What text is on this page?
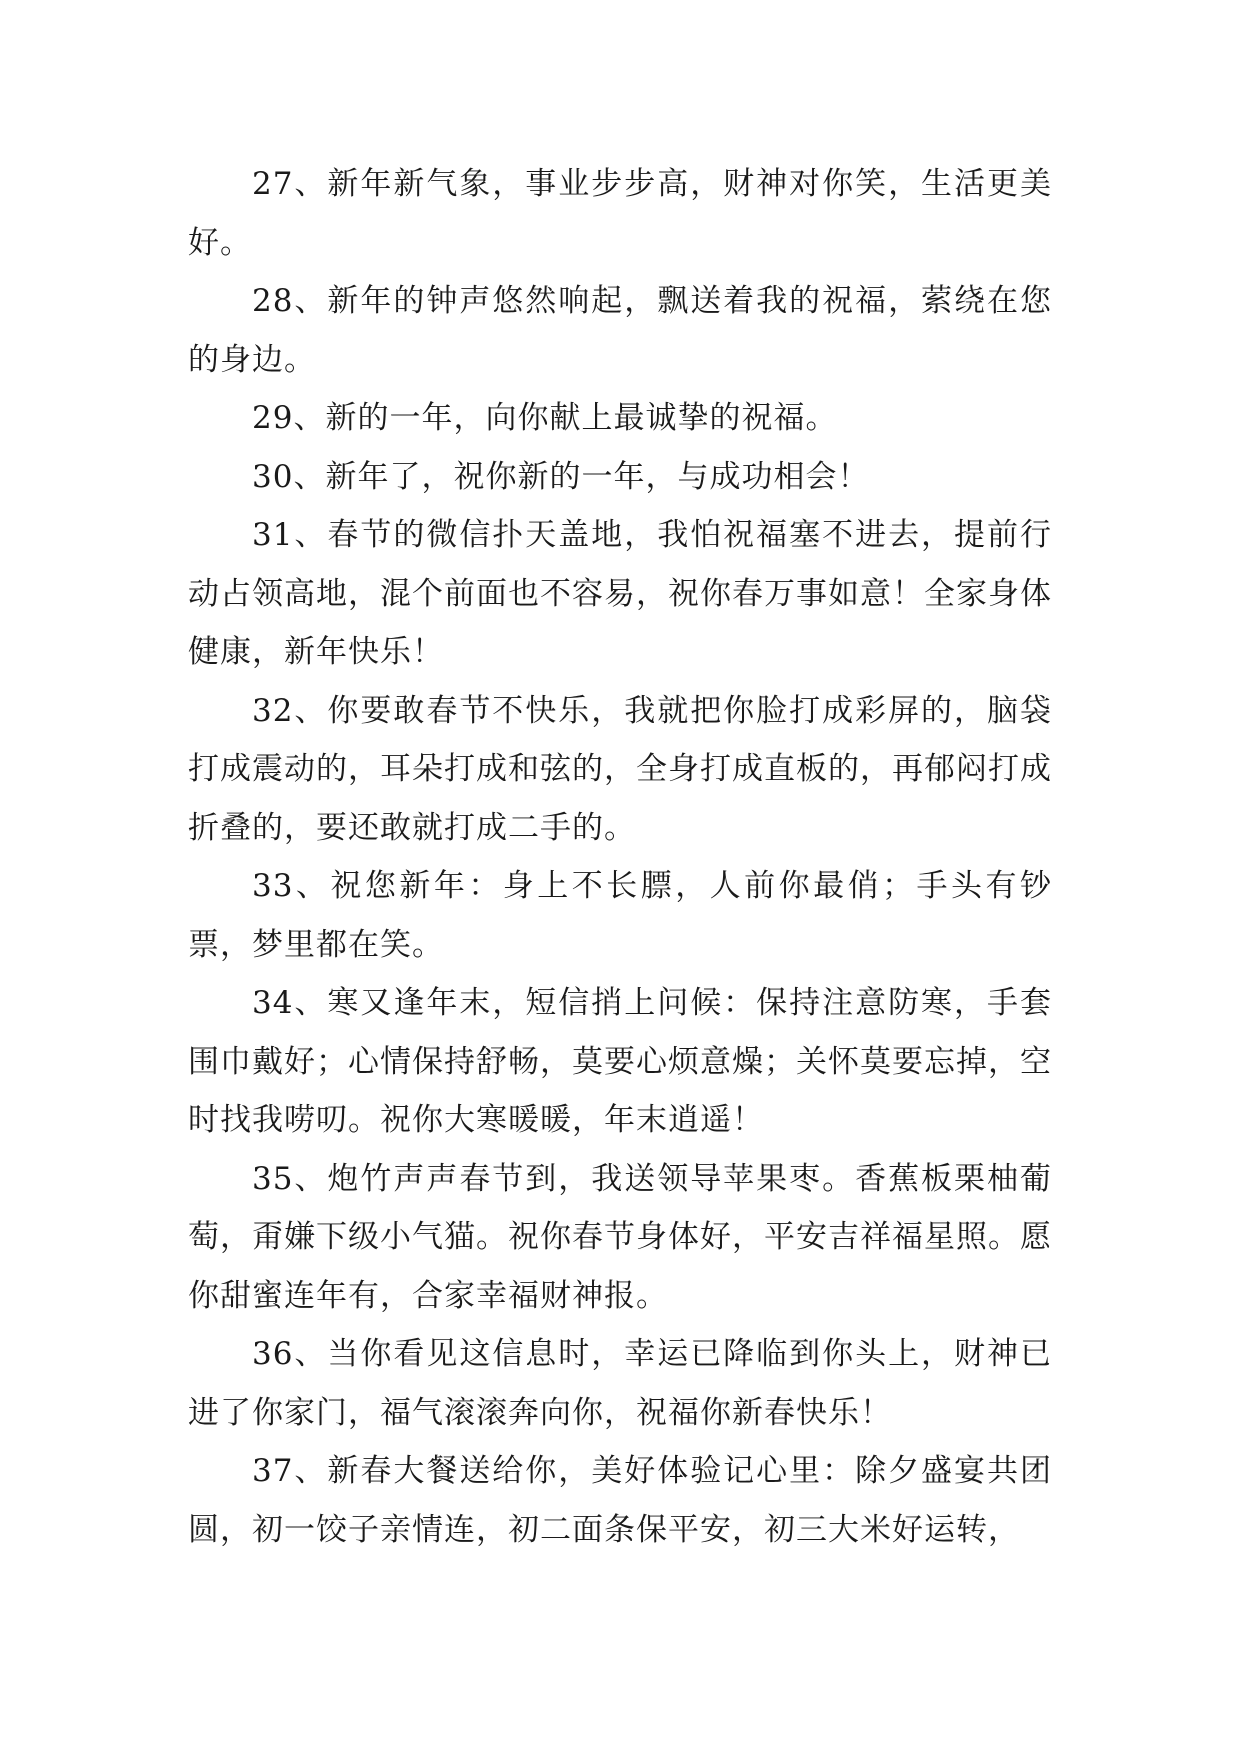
27、新年新气象，事业步步高，财神对你笑，生活更美好。

28、新年的钟声悠然响起，飘送着我的祝福，萦绕在您的身边。

29、新的一年，向你献上最诚挚的祝福。

30、新年了，祝你新的一年，与成功相会！

31、春节的微信扑天盖地，我怕祝福塞不进去，提前行动占领高地，混个前面也不容易，祝你春万事如意！全家身体健康，新年快乐！

32、你要敢春节不快乐，我就把你脸打成彩屏的，脑袋打成震动的，耳朵打成和弦的，全身打成直板的，再郁闷打成折叠的，要还敢就打成二手的。

33、祝您新年：身上不长膘，人前你最俏；手头有钞票，梦里都在笑。

34、寒又逢年末，短信捎上问候：保持注意防寒，手套围巾戴好；心情保持舒畅，莫要心烦意燥；关怀莫要忘掉，空时找我唠叨。祝你大寒暖暖，年末逍遥！

35、炮竹声声春节到，我送领导苹果枣。香蕉板栗柚葡萄，甭嫌下级小气猫。祝你春节身体好，平安吉祥福星照。愿你甜蜜连年有，合家幸福财神报。

36、当你看见这信息时，幸运已降临到你头上，财神已进了你家门，福气滚滚奔向你，祝福你新春快乐！

37、新春大餐送给你，美好体验记心里：除夕盛宴共团圆，初一饺子亲情连，初二面条保平安，初三大米好运转，
